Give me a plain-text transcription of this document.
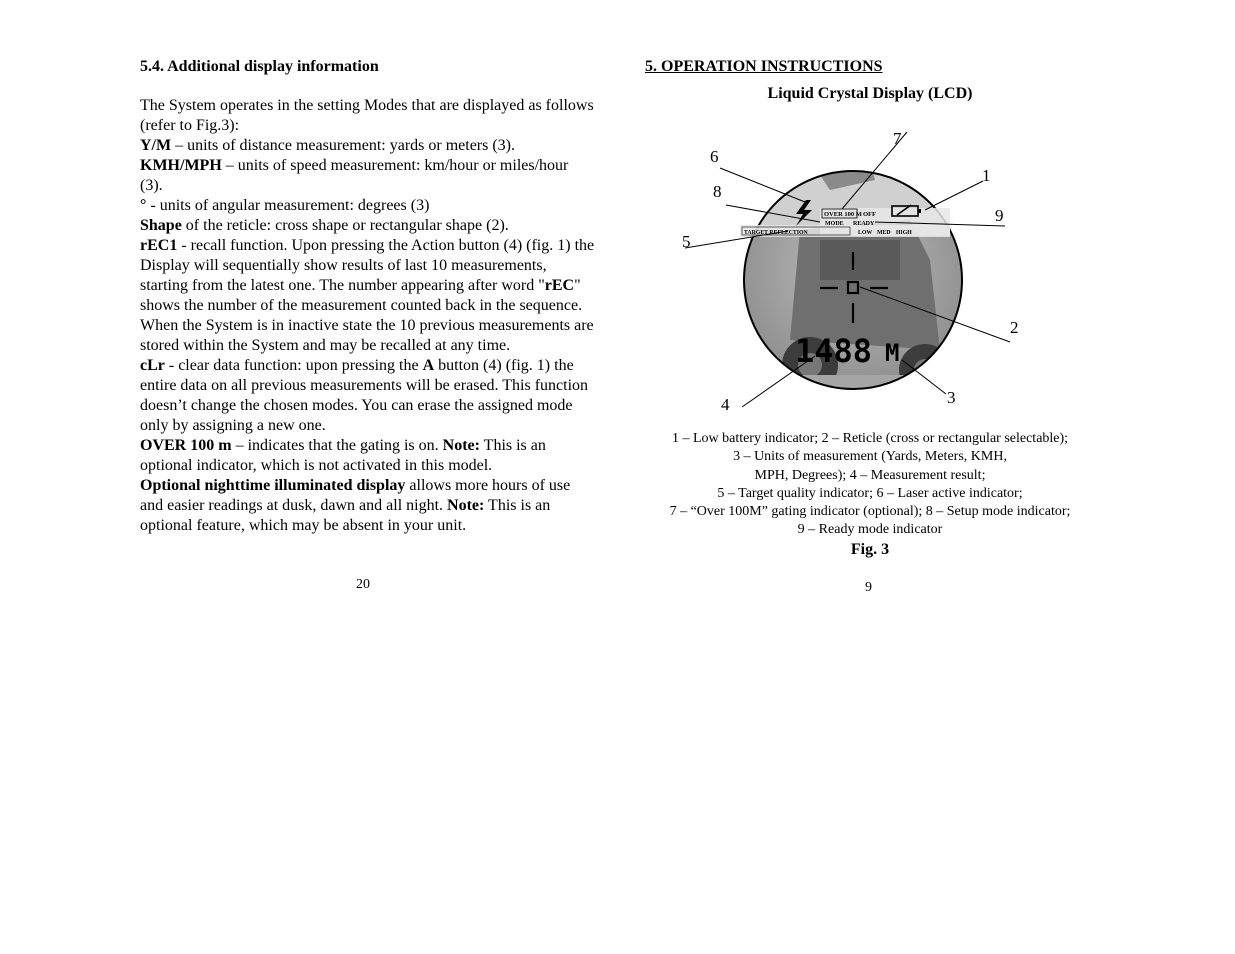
5.4. Additional display information

The System operates in the setting Modes that are displayed as follows (refer to Fig.3):

Y/M – units of distance measurement: yards or meters (3).

KMH/MPH – units of speed measurement: km/hour or miles/hour (3).

° - units of angular measurement: degrees (3)

Shape of the reticle: cross shape or rectangular shape (2).

rEC1 - recall function. Upon pressing the Action button (4) (fig. 1) the Display will sequentially show results of last 10 measurements, starting from the latest one. The number appearing after word "rEC" shows the number of the measurement counted back in the sequence. When the System is in inactive state the 10 previous measurements are stored within the System and may be recalled at any time.

cLr - clear data function: upon pressing the A button (4) (fig. 1) the entire data on all previous measurements will be erased. This function doesn’t change the chosen modes. You can erase the assigned mode only by assigning a new one.

OVER 100 m – indicates that the gating is on. Note: This is an optional indicator, which is not activated in this model.

Optional nighttime illuminated display allows more hours of use and easier readings at dusk, dawn and all night. Note: This is an optional feature, which may be absent in your unit.

20
5. OPERATION INSTRUCTIONS
Liquid Crystal Display (LCD)
OVER 100 M OFF
MODE READY
TARGET REFLECTION	LOW MED HIGH
1488 M
7
6
8
5
1
9
2
3
4
1 – Low battery indicator; 2 – Reticle (cross or rectangular selectable);
3 – Units of measurement (Yards, Meters, KMH,
MPH, Degrees); 4 – Measurement result;
5 – Target quality indicator; 6 – Laser active indicator;
7 – “Over 100M” gating indicator (optional); 8 – Setup mode indicator;
9 – Ready mode indicator
Fig. 3
9
